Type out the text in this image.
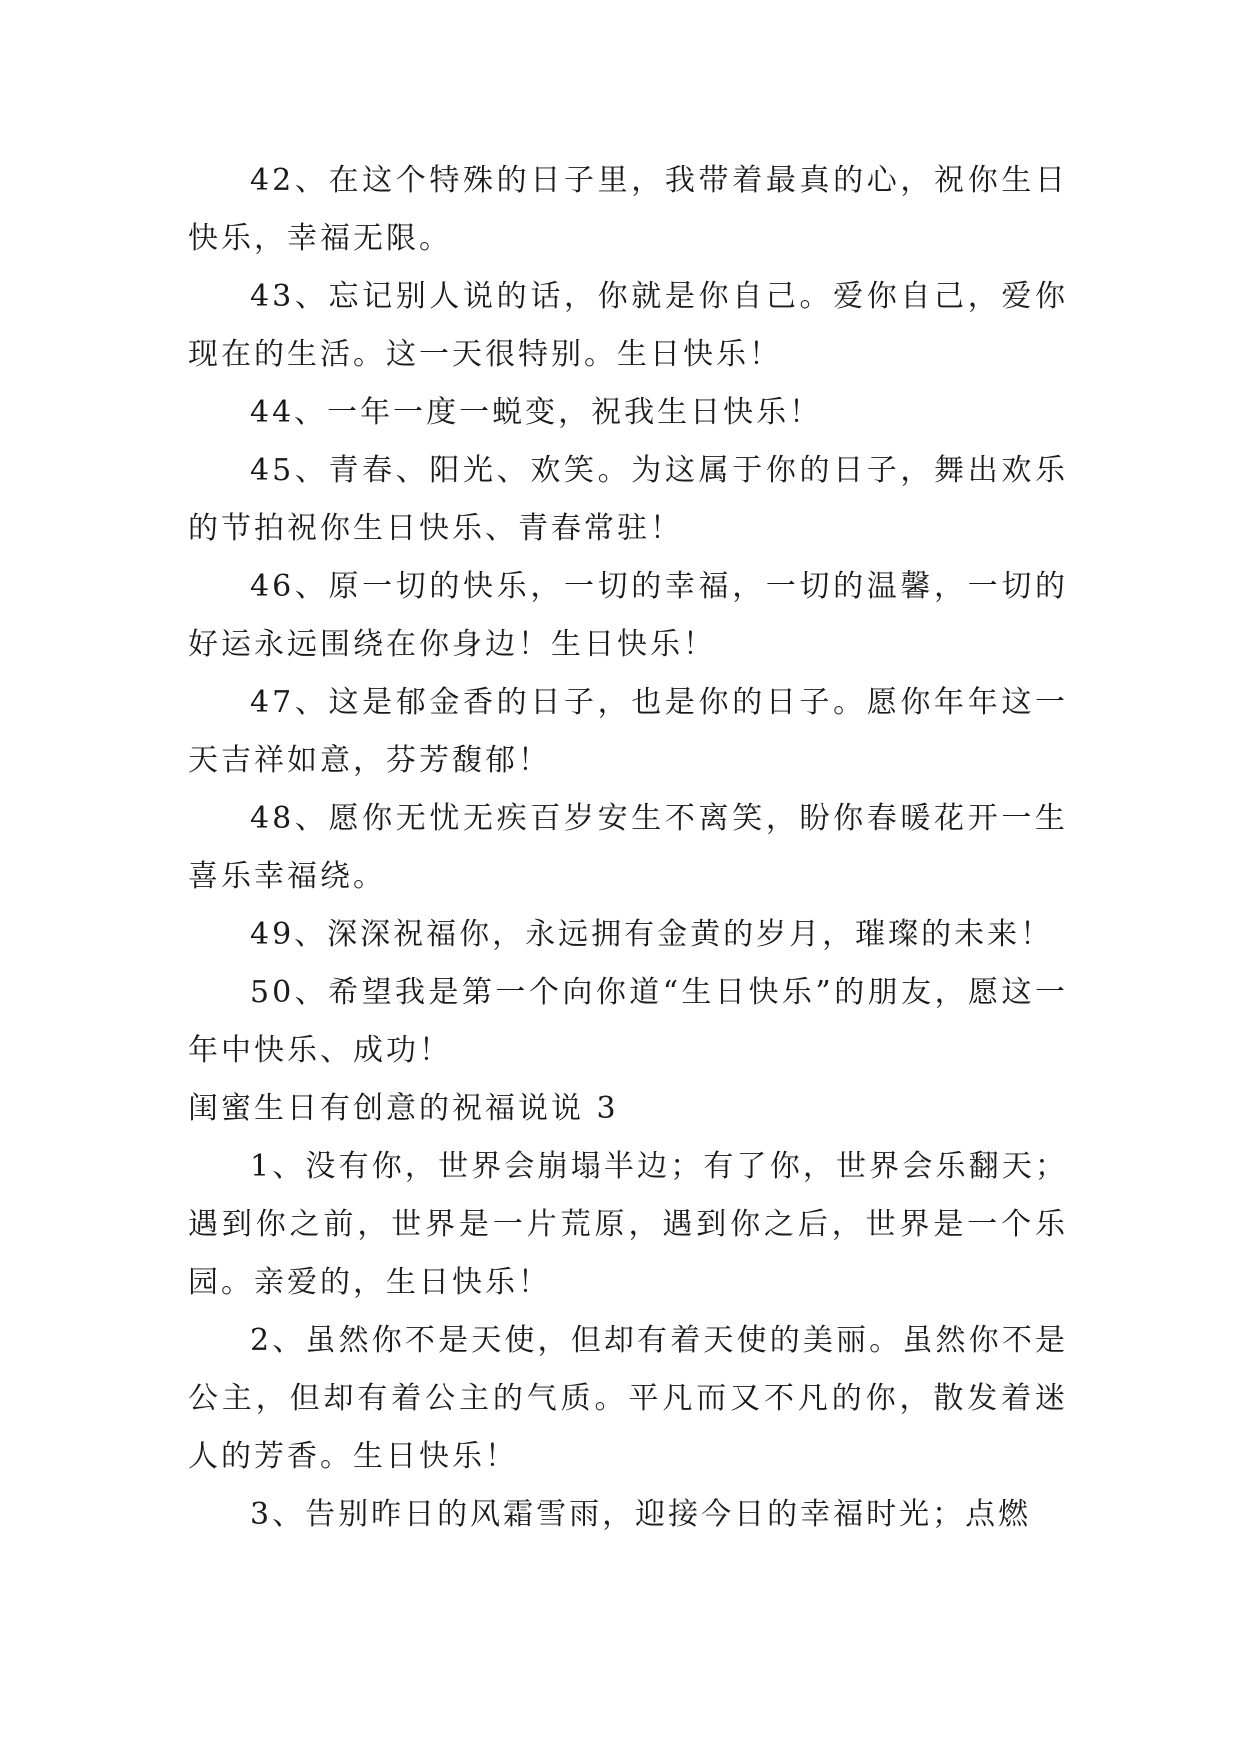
42、在这个特殊的日子里，我带着最真的心，祝你生日快乐，幸福无限。

43、忘记别人说的话，你就是你自己。爱你自己，爱你现在的生活。这一天很特别。生日快乐！

44、一年一度一蜕变，祝我生日快乐！

45、青春、阳光、欢笑。为这属于你的日子，舞出欢乐的节拍祝你生日快乐、青春常驻！

46、原一切的快乐，一切的幸福，一切的温馨，一切的好运永远围绕在你身边！生日快乐！

47、这是郁金香的日子，也是你的日子。愿你年年这一天吉祥如意，芬芳馥郁！

48、愿你无忧无疾百岁安生不离笑，盼你春暖花开一生喜乐幸福绕。

49、深深祝福你，永远拥有金黄的岁月，璀璨的未来！

50、希望我是第一个向你道“生日快乐”的朋友，愿这一年中快乐、成功！

闺蜜生日有创意的祝福说说 3

1、没有你，世界会崩塌半边；有了你，世界会乐翻天；遇到你之前，世界是一片荒原，遇到你之后，世界是一个乐园。亲爱的，生日快乐！

2、虽然你不是天使，但却有着天使的美丽。虽然你不是公主，但却有着公主的气质。平凡而又不凡的你，散发着迷人的芳香。生日快乐！

3、告别昨日的风霜雪雨，迎接今日的幸福时光；点燃
